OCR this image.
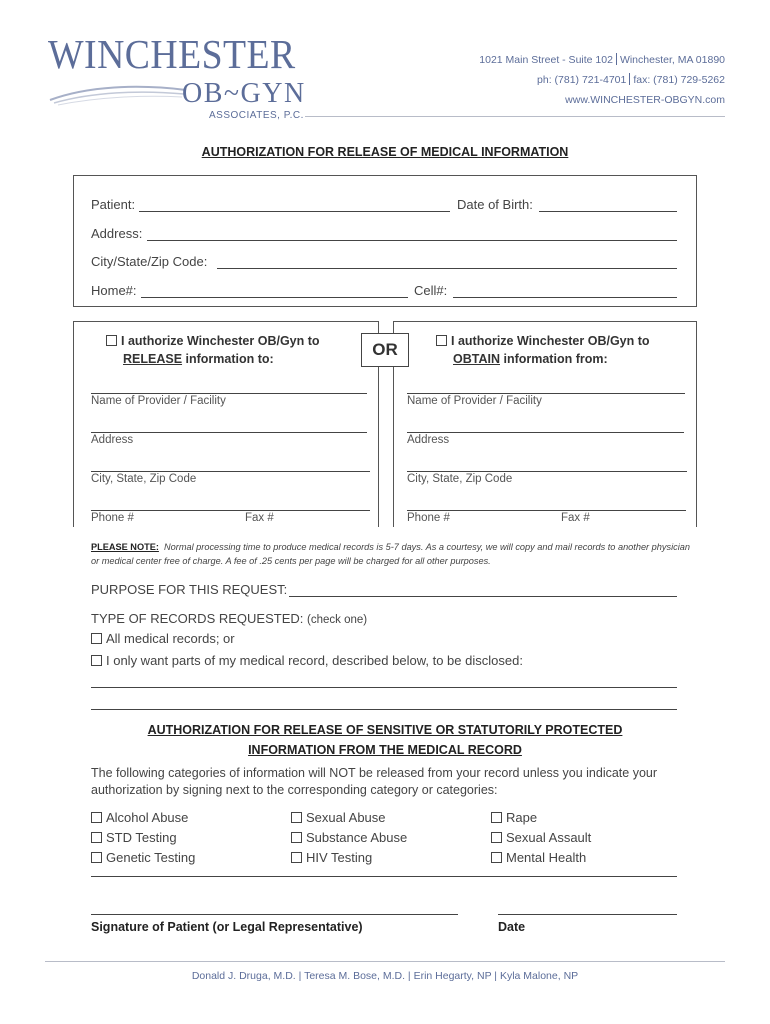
WINCHESTER
OB~GYN
ASSOCIATES, P.C.
1021 Main Street - Suite 102 Winchester, MA 01890
ph: (781) 721-4701 fax: (781) 729-5262
www.WINCHESTER-OBGYN.com
AUTHORIZATION FOR RELEASE OF MEDICAL INFORMATION
Patient:	Date of Birth:
Address:
City/State/Zip Code:
Home#:	Cell#:
OR
I authorize Winchester OB/Gyn to
RELEASE information to:
I authorize Winchester OB/Gyn to
OBTAIN information from:
Name of Provider / Facility
Address
City, State, Zip Code
Phone #	Fax #
Name of Provider / Facility
Address
City, State, Zip Code
Phone #	Fax #
PLEASE NOTE: Normal processing time to produce medical records is 5-7 days. As a courtesy, we will copy and mail records to another physician or medical center free of charge. A fee of .25 cents per page will be charged for all other purposes.
PURPOSE FOR THIS REQUEST:
TYPE OF RECORDS REQUESTED: (check one)
All medical records; or
I only want parts of my medical record, described below, to be disclosed:
AUTHORIZATION FOR RELEASE OF SENSITIVE OR STATUTORILY PROTECTED
INFORMATION FROM THE MEDICAL RECORD
The following categories of information will NOT be released from your record unless you indicate your authorization by signing next to the corresponding category or categories:
Alcohol Abuse
STD Testing
Genetic Testing
Sexual Abuse
Substance Abuse
HIV Testing
Rape
Sexual Assault
Mental Health
Signature of Patient (or Legal Representative)	Date
Donald J. Druga, M.D. | Teresa M. Bose, M.D. | Erin Hegarty, NP | Kyla Malone, NP
